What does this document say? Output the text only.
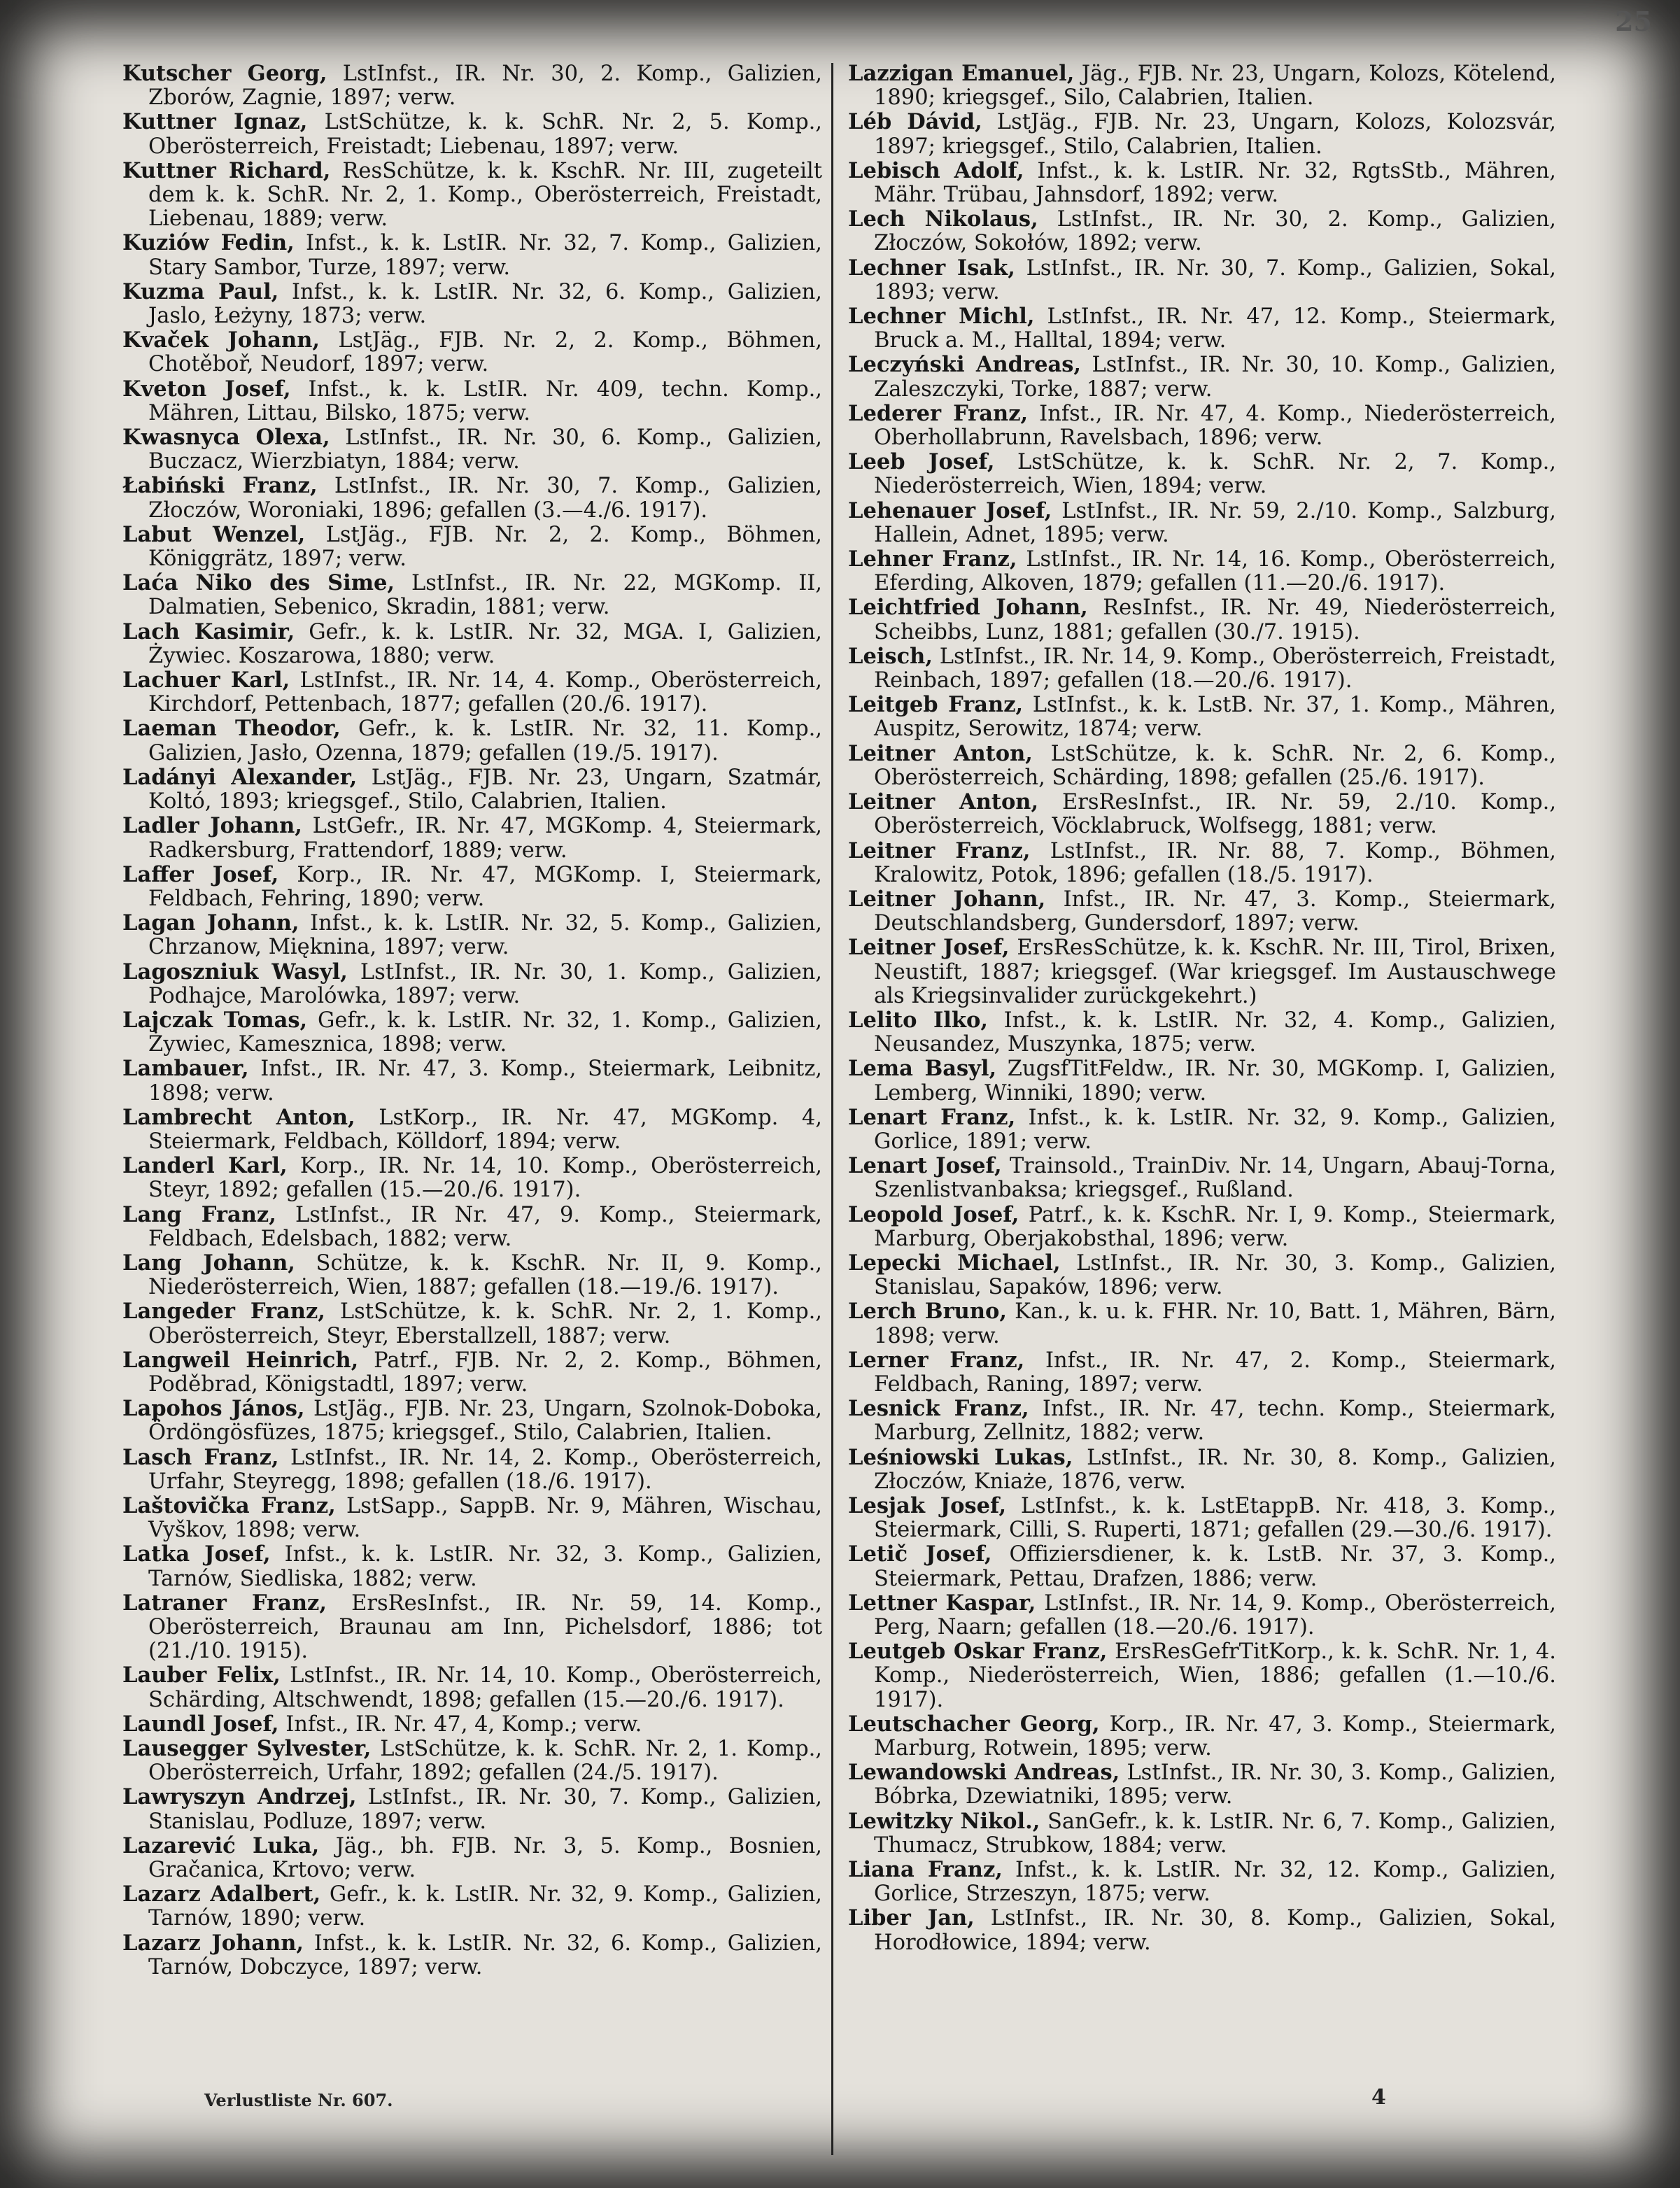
25

Kutscher Georg, LstInfst., IR. Nr. 30, 2. Komp., Galizien, Zborów, Zagnie, 1897; verw.

Kuttner Ignaz, LstSchütze, k. k. SchR. Nr. 2, 5. Komp., Oberösterreich, Freistadt; Liebenau, 1897; verw.

Kuttner Richard, ResSchütze, k. k. KschR. Nr. III, zugeteilt dem k. k. SchR. Nr. 2, 1. Komp., Oberösterreich, Freistadt, Liebenau, 1889; verw.

Kuziów Fedin, Infst., k. k. LstIR. Nr. 32, 7. Komp., Galizien, Stary Sambor, Turze, 1897; verw.

Kuzma Paul, Infst., k. k. LstIR. Nr. 32, 6. Komp., Galizien, Jaslo, Łeżyny, 1873; verw.

Kvaček Johann, LstJäg., FJB. Nr. 2, 2. Komp., Böhmen, Chotěboř, Neudorf, 1897; verw.

Kveton Josef, Infst., k. k. LstIR. Nr. 409, techn. Komp., Mähren, Littau, Bilsko, 1875; verw.

Kwasnyca Olexa, LstInfst., IR. Nr. 30, 6. Komp., Galizien, Buczacz, Wierzbiatyn, 1884; verw.

Łabiński Franz, LstInfst., IR. Nr. 30, 7. Komp., Galizien, Złoczów, Woroniaki, 1896; gefallen (3.—4./6. 1917).

Labut Wenzel, LstJäg., FJB. Nr. 2, 2. Komp., Böhmen, Königgrätz, 1897; verw.

Laća Niko des Sime, LstInfst., IR. Nr. 22, MGKomp. II, Dalmatien, Sebenico, Skradin, 1881; verw.

Lach Kasimir, Gefr., k. k. LstIR. Nr. 32, MGA. I, Galizien, Żywiec. Koszarowa, 1880; verw.

Lachuer Karl, LstInfst., IR. Nr. 14, 4. Komp., Oberösterreich, Kirchdorf, Pettenbach, 1877; gefallen (20./6. 1917).

Laeman Theodor, Gefr., k. k. LstIR. Nr. 32, 11. Komp., Galizien, Jasło, Ozenna, 1879; gefallen (19./5. 1917).

Ladányi Alexander, LstJäg., FJB. Nr. 23, Ungarn, Szatmár, Koltó, 1893; kriegsgef., Stilo, Calabrien, Italien.

Ladler Johann, LstGefr., IR. Nr. 47, MGKomp. 4, Steiermark, Radkersburg, Frattendorf, 1889; verw.

Laffer Josef, Korp., IR. Nr. 47, MGKomp. I, Steiermark, Feldbach, Fehring, 1890; verw.

Lagan Johann, Infst., k. k. LstIR. Nr. 32, 5. Komp., Galizien, Chrzanow, Mięknina, 1897; verw.

Lagoszniuk Wasyl, LstInfst., IR. Nr. 30, 1. Komp., Galizien, Podhajce, Marolówka, 1897; verw.

Lajczak Tomas, Gefr., k. k. LstIR. Nr. 32, 1. Komp., Galizien, Żywiec, Kamesznica, 1898; verw.

Lambauer, Infst., IR. Nr. 47, 3. Komp., Steiermark, Leibnitz, 1898; verw.

Lambrecht Anton, LstKorp., IR. Nr. 47, MGKomp. 4, Steiermark, Feldbach, Kölldorf, 1894; verw.

Landerl Karl, Korp., IR. Nr. 14, 10. Komp., Oberösterreich, Steyr, 1892; gefallen (15.—20./6. 1917).

Lang Franz, LstInfst., IR Nr. 47, 9. Komp., Steiermark, Feldbach, Edelsbach, 1882; verw.

Lang Johann, Schütze, k. k. KschR. Nr. II, 9. Komp., Niederösterreich, Wien, 1887; gefallen (18.—19./6. 1917).

Langeder Franz, LstSchütze, k. k. SchR. Nr. 2, 1. Komp., Oberösterreich, Steyr, Eberstallzell, 1887; verw.

Langweil Heinrich, Patrf., FJB. Nr. 2, 2. Komp., Böhmen, Poděbrad, Königstadtl, 1897; verw.

Lapohos János, LstJäg., FJB. Nr. 23, Ungarn, Szolnok-Doboka, Ördöngösfüzes, 1875; kriegsgef., Stilo, Calabrien, Italien.

Lasch Franz, LstInfst., IR. Nr. 14, 2. Komp., Oberösterreich, Urfahr, Steyregg, 1898; gefallen (18./6. 1917).

Laštovička Franz, LstSapp., SappB. Nr. 9, Mähren, Wischau, Vyškov, 1898; verw.

Latka Josef, Infst., k. k. LstIR. Nr. 32, 3. Komp., Galizien, Tarnów, Siedliska, 1882; verw.

Latraner Franz, ErsResInfst., IR. Nr. 59, 14. Komp., Oberösterreich, Braunau am Inn, Pichelsdorf, 1886; tot (21./10. 1915).

Lauber Felix, LstInfst., IR. Nr. 14, 10. Komp., Oberösterreich, Schärding, Altschwendt, 1898; gefallen (15.—20./6. 1917).

Laundl Josef, Infst., IR. Nr. 47, 4, Komp.; verw.

Lausegger Sylvester, LstSchütze, k. k. SchR. Nr. 2, 1. Komp., Oberösterreich, Urfahr, 1892; gefallen (24./5. 1917).

Lawryszyn Andrzej, LstInfst., IR. Nr. 30, 7. Komp., Galizien, Stanislau, Podluze, 1897; verw.

Lazarević Luka, Jäg., bh. FJB. Nr. 3, 5. Komp., Bosnien, Gračanica, Krtovo; verw.

Lazarz Adalbert, Gefr., k. k. LstIR. Nr. 32, 9. Komp., Galizien, Tarnów, 1890; verw.

Lazarz Johann, Infst., k. k. LstIR. Nr. 32, 6. Komp., Galizien, Tarnów, Dobczyce, 1897; verw.

Lazzigan Emanuel, Jäg., FJB. Nr. 23, Ungarn, Kolozs, Kötelend, 1890; kriegsgef., Silo, Calabrien, Italien.

Léb Dávid, LstJäg., FJB. Nr. 23, Ungarn, Kolozs, Kolozsvár, 1897; kriegsgef., Stilo, Calabrien, Italien.

Lebisch Adolf, Infst., k. k. LstIR. Nr. 32, RgtsStb., Mähren, Mähr. Trübau, Jahnsdorf, 1892; verw.

Lech Nikolaus, LstInfst., IR. Nr. 30, 2. Komp., Galizien, Złoczów, Sokołów, 1892; verw.

Lechner Isak, LstInfst., IR. Nr. 30, 7. Komp., Galizien, Sokal, 1893; verw.

Lechner Michl, LstInfst., IR. Nr. 47, 12. Komp., Steiermark, Bruck a. M., Halltal, 1894; verw.

Leczyński Andreas, LstInfst., IR. Nr. 30, 10. Komp., Galizien, Zaleszczyki, Torke, 1887; verw.

Lederer Franz, Infst., IR. Nr. 47, 4. Komp., Niederösterreich, Oberhollabrunn, Ravelsbach, 1896; verw.

Leeb Josef, LstSchütze, k. k. SchR. Nr. 2, 7. Komp., Niederösterreich, Wien, 1894; verw.

Lehenauer Josef, LstInfst., IR. Nr. 59, 2./10. Komp., Salzburg, Hallein, Adnet, 1895; verw.

Lehner Franz, LstInfst., IR. Nr. 14, 16. Komp., Oberösterreich, Eferding, Alkoven, 1879; gefallen (11.—20./6. 1917).

Leichtfried Johann, ResInfst., IR. Nr. 49, Niederösterreich, Scheibbs, Lunz, 1881; gefallen (30./7. 1915).

Leisch, LstInfst., IR. Nr. 14, 9. Komp., Oberösterreich, Freistadt, Reinbach, 1897; gefallen (18.—20./6. 1917).

Leitgeb Franz, LstInfst., k. k. LstB. Nr. 37, 1. Komp., Mähren, Auspitz, Serowitz, 1874; verw.

Leitner Anton, LstSchütze, k. k. SchR. Nr. 2, 6. Komp., Oberösterreich, Schärding, 1898; gefallen (25./6. 1917).

Leitner Anton, ErsResInfst., IR. Nr. 59, 2./10. Komp., Oberösterreich, Vöcklabruck, Wolfsegg, 1881; verw.

Leitner Franz, LstInfst., IR. Nr. 88, 7. Komp., Böhmen, Kralowitz, Potok, 1896; gefallen (18./5. 1917).

Leitner Johann, Infst., IR. Nr. 47, 3. Komp., Steiermark, Deutschlandsberg, Gundersdorf, 1897; verw.

Leitner Josef, ErsResSchütze, k. k. KschR. Nr. III, Tirol, Brixen, Neustift, 1887; kriegsgef. (War kriegsgef. Im Austauschwege als Kriegsinvalider zurückgekehrt.)

Lelito Ilko, Infst., k. k. LstIR. Nr. 32, 4. Komp., Galizien, Neusandez, Muszynka, 1875; verw.

Lema Basyl, ZugsfTitFeldw., IR. Nr. 30, MGKomp. I, Galizien, Lemberg, Winniki, 1890; verw.

Lenart Franz, Infst., k. k. LstIR. Nr. 32, 9. Komp., Galizien, Gorlice, 1891; verw.

Lenart Josef, Trainsold., TrainDiv. Nr. 14, Ungarn, Abauj-Torna, Szenlistvanbaksa; kriegsgef., Rußland.

Leopold Josef, Patrf., k. k. KschR. Nr. I, 9. Komp., Steiermark, Marburg, Oberjakobsthal, 1896; verw.

Lepecki Michael, LstInfst., IR. Nr. 30, 3. Komp., Galizien, Stanislau, Sapaków, 1896; verw.

Lerch Bruno, Kan., k. u. k. FHR. Nr. 10, Batt. 1, Mähren, Bärn, 1898; verw.

Lerner Franz, Infst., IR. Nr. 47, 2. Komp., Steiermark, Feldbach, Raning, 1897; verw.

Lesnick Franz, Infst., IR. Nr. 47, techn. Komp., Steiermark, Marburg, Zellnitz, 1882; verw.

Leśniowski Lukas, LstInfst., IR. Nr. 30, 8. Komp., Galizien, Złoczów, Kniaże, 1876, verw.

Lesjak Josef, LstInfst., k. k. LstEtappB. Nr. 418, 3. Komp., Steiermark, Cilli, S. Ruperti, 1871; gefallen (29.—30./6. 1917).

Letič Josef, Offiziersdiener, k. k. LstB. Nr. 37, 3. Komp., Steiermark, Pettau, Drafzen, 1886; verw.

Lettner Kaspar, LstInfst., IR. Nr. 14, 9. Komp., Oberösterreich, Perg, Naarn; gefallen (18.—20./6. 1917).

Leutgeb Oskar Franz, ErsResGefrTitKorp., k. k. SchR. Nr. 1, 4. Komp., Niederösterreich, Wien, 1886; gefallen (1.—10./6. 1917).

Leutschacher Georg, Korp., IR. Nr. 47, 3. Komp., Steiermark, Marburg, Rotwein, 1895; verw.

Lewandowski Andreas, LstInfst., IR. Nr. 30, 3. Komp., Galizien, Bóbrka, Dzewiatniki, 1895; verw.

Lewitzky Nikol., SanGefr., k. k. LstIR. Nr. 6, 7. Komp., Galizien, Thumacz, Strubkow, 1884; verw.

Liana Franz, Infst., k. k. LstIR. Nr. 32, 12. Komp., Galizien, Gorlice, Strzeszyn, 1875; verw.

Liber Jan, LstInfst., IR. Nr. 30, 8. Komp., Galizien, Sokal, Horodłowice, 1894; verw.

Verlustliste Nr. 607.	4
